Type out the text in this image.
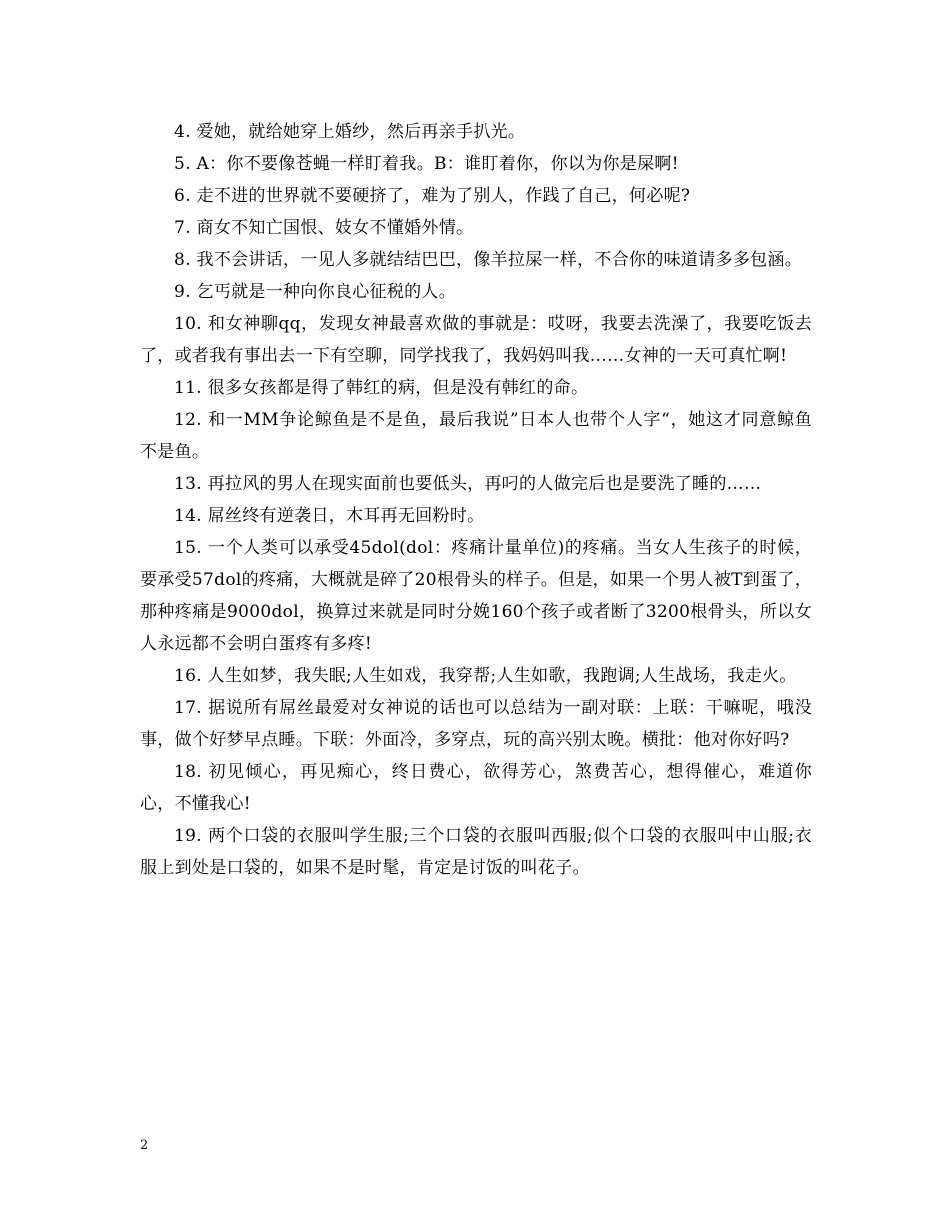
4. 爱她，就给她穿上婚纱，然后再亲手扒光。

5. A：你不要像苍蝇一样盯着我。B：谁盯着你，你以为你是屎啊!

6. 走不进的世界就不要硬挤了，难为了别人，作践了自己，何必呢?

7. 商女不知亡国恨、妓女不懂婚外情。

8. 我不会讲话，一见人多就结结巴巴，像羊拉屎一样，不合你的味道请多多包涵。

9. 乞丐就是一种向你良心征税的人。

10. 和女神聊qq，发现女神最喜欢做的事就是：哎呀，我要去洗澡了，我要吃饭去了，或者我有事出去一下有空聊，同学找我了，我妈妈叫我……女神的一天可真忙啊!

11. 很多女孩都是得了韩红的病，但是没有韩红的命。

12. 和一MM争论鲸鱼是不是鱼，最后我说”日本人也带个人字“，她这才同意鲸鱼不是鱼。

13. 再拉风的男人在现实面前也要低头，再叼的人做完后也是要洗了睡的……

14. 屌丝终有逆袭日，木耳再无回粉时。

15. 一个人类可以承受45dol(dol：疼痛计量单位)的疼痛。当女人生孩子的时候，要承受57dol的疼痛，大概就是碎了20根骨头的样子。但是，如果一个男人被T到蛋了，那种疼痛是9000dol，换算过来就是同时分娩160个孩子或者断了3200根骨头，所以女人永远都不会明白蛋疼有多疼!

16. 人生如梦，我失眠;人生如戏，我穿帮;人生如歌，我跑调;人生战场，我走火。

17. 据说所有屌丝最爱对女神说的话也可以总结为一副对联：上联：干嘛呢，哦没事，做个好梦早点睡。下联：外面冷，多穿点，玩的高兴别太晚。横批：他对你好吗?

18. 初见倾心，再见痴心，终日费心，欲得芳心，煞费苦心，想得催心，难道你心，不懂我心!

19. 两个口袋的衣服叫学生服;三个口袋的衣服叫西服;似个口袋的衣服叫中山服;衣服上到处是口袋的，如果不是时髦，肯定是讨饭的叫花子。

2
